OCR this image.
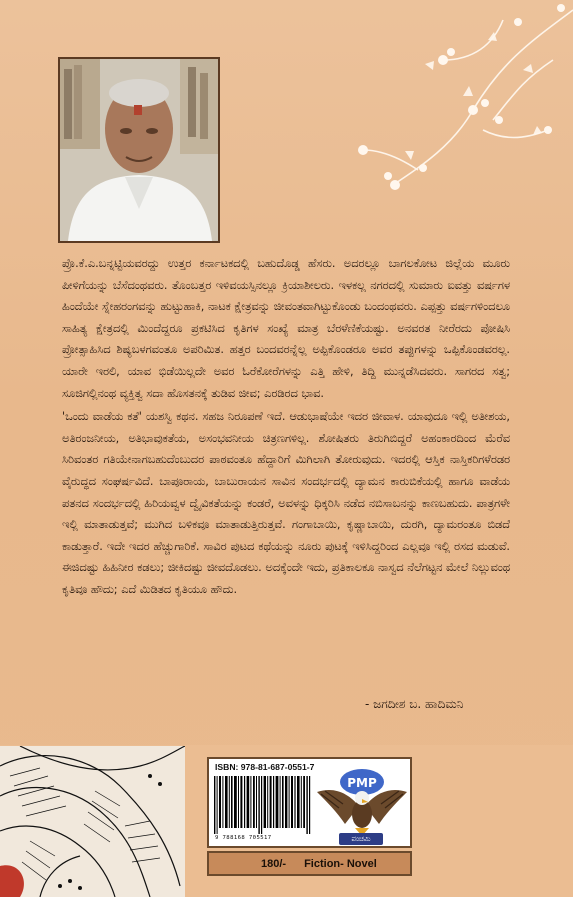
ಪ್ರೊ.ಕೆ.ಎ.ಬನ್ನಟ್ಟಿಯವರದ್ದು ಉತ್ತರ ಕರ್ನಾಟಕದಲ್ಲಿ ಬಹುದೊಡ್ಡ ಹೆಸರು. ಅದರಲ್ಲೂ ಬಾಗಲಕೋಟ ಜಿಲ್ಲೆಯ ಮೂರು ಪೀಳಿಗೆಯನ್ನು ಬೆಸೆದಂಥವರು. ತೊಂಬತ್ತರ ಇಳಿವಯಸ್ಸಿನಲ್ಲೂ ಕ್ರಿಯಾಶೀಲರು. ಇಳಕಲ್ಲ ನಗರದಲ್ಲಿ ಸುಮಾರು ಐವತ್ತು ವರ್ಷಗಳ ಹಿಂದೆಯೇ ಸ್ನೇಹರಂಗವನ್ನು ಹುಟ್ಟುಹಾಕಿ, ನಾಟಕ ಕ್ಷೇತ್ರವನ್ನು ಜೀವಂತವಾಗಿಟ್ಟುಕೊಂಡು ಬಂದಂಥವರು. ಎಪ್ಪತ್ತು ವರ್ಷಗಳಿಂದಲೂ ಸಾಹಿತ್ಯ ಕ್ಷೇತ್ರದಲ್ಲಿ ಮಿಂದೆದ್ದರೂ ಪ್ರಕಟಿಸಿದ ಕೃತಿಗಳ ಸಂಖ್ಯೆ ಮಾತ್ರ ಬೆರಳೆಣಿಕೆಯಷ್ಟು. ಅನವರತ ನೀರೆರದು ಪೋಷಿಸಿ ಪ್ರೋತ್ಸಾಹಿಸಿದ ಶಿಷ್ಯಬಳಗವಂತೂ ಅಪರಿಮಿತ. ಹತ್ತರ ಬಂದವರನ್ನೆಲ್ಲ ಅಪ್ಪಿಕೊಂಡರೂ ಅವರ ತಪ್ಪುಗಳನ್ನು ಒಪ್ಪಿಕೊಂಡವರಲ್ಲ. ಯಾರೇ ಇರಲಿ, ಯಾವ ಭಿಡೆಯಿಲ್ಲದೇ ಅವರ ಓರೆಕೋರೆಗಳನ್ನು ಎತ್ತಿ ಹೇಳಿ, ತಿದ್ದಿ ಮುನ್ನಡೆಸಿದವರು. ಸಾಗರದ ಸತ್ವ; ಸೂಜಿಗಲ್ಲಿನಂಥ ವ್ಯಕ್ತಿತ್ವ ಸದಾ ಹೊಸತನಕ್ಕೆ ತುಡಿವ ಜೀವ; ಎರಡಿರದ ಭಾವ.

'ಒಂದು ವಾಡೆಯ ಕತೆ' ಯಶಸ್ವಿ ಕಥನ. ಸಹಜ ನಿರೂಪಣೆ ಇದೆ. ಆಡುಭಾಷೆಯೇ ಇದರ ಜೀವಾಳ. ಯಾವುದೂ ಇಲ್ಲಿ ಅತೀಶಯ, ಅತಿರಂಜನೀಯ, ಅತಿಭಾವುಕತೆಯ, ಅಸಂಭವನೀಯ ಚಿತ್ರಣಗಳಿಲ್ಲ. ಶೋಷಿತರು ತಿರುಗಿಬಿದ್ದರೆ ಅಹಂಕಾರದಿಂದ ಮೆರೆವ ಸಿರಿವಂತರ ಗತಿಯೇನಾಗಬಹುದೆಂಬುದರ ಪಾಠವಂತೂ ಹೆದ್ದಾರಿಗೆ ಮಿಗಿಲಾಗಿ ತೋರುವುದು. ಇದರಲ್ಲಿ ಆಸ್ತಿಕ ನಾಸ್ತಿಕರಿಗಳೆರಡರ ವೈರುದ್ಧದ ಸಂಘರ್ಷವಿದೆ. ಬಾಪೂರಾಯ, ಬಾಬುರಾಯನ ಸಾವಿನ ಸಂದರ್ಭದಲ್ಲಿ ದ್ಯಾಮನ ಕಾರುಬಿಕೆಯಲ್ಲಿ ಹಾಗೂ ವಾಡೆಯ ಪತನದ ಸಂದರ್ಭದಲ್ಲಿ ಹಿರಿಯವ್ವಳ ದ್ವೈವಿಕತೆಯನ್ನು ಕಂಡರೆ, ಅವಳನ್ನು ಧಿಕ್ಕರಿಸಿ ನಡೆದ ನಬಿಸಾಬನನ್ನು ಕಾಣಬಹುದು. ಪಾತ್ರಗಳೇ ಇಲ್ಲಿ ಮಾತಾಡುತ್ತವೆ; ಮುಗಿದ ಬಳಿಕವೂ ಮಾತಾಡುತ್ತಿರುತ್ತವೆ. ಗಂಗಾಬಾಯಿ, ಕೃಷ್ಣಾಬಾಯಿ, ದುರಗಿ, ದ್ಯಾಮರಂತೂ ಬಿಡದೆ ಕಾಡುತ್ತಾರೆ. ಇದೇ ಇದರ ಹೆಚ್ಚುಗಾರಿಕೆ. ಸಾವಿರ ಪುಟದ ಕಥೆಯನ್ನು ನೂರು ಪುಟಕ್ಕೆ ಇಳಿಸಿದ್ದರಿಂದ ಎಲ್ಲವೂ ಇಲ್ಲಿ ರಸದ ಮಡುವೆ. ಈಜಿದಷ್ಟು ಹಿಹಿನೀರ ಕಡಲು; ಜೀಕಿದಷ್ಟು ಜೀವದೊಡಲು. ಅದಕ್ಕೆಂದೇ ಇದು, ಪ್ರತಿಕಾಲಕೂ ನಾಸ್ವದ ನೆಲೆಗಟ್ಟನ ಮೇಲೆ ನಿಲ್ಲುವಂಥ ಕೃತಿವೂ ಹೌದು; ಎದೆ ಮಿಡಿತದ ಕೃತಿಯೂ ಹೌದು.

- ಜಗದೀಶ ಬ. ಹಾದಿಮನಿ
ISBN: 978-81-687-0551-7
9 788168 705517
PMP
ಪಂಚಮಿ
180/- Fiction- Novel
